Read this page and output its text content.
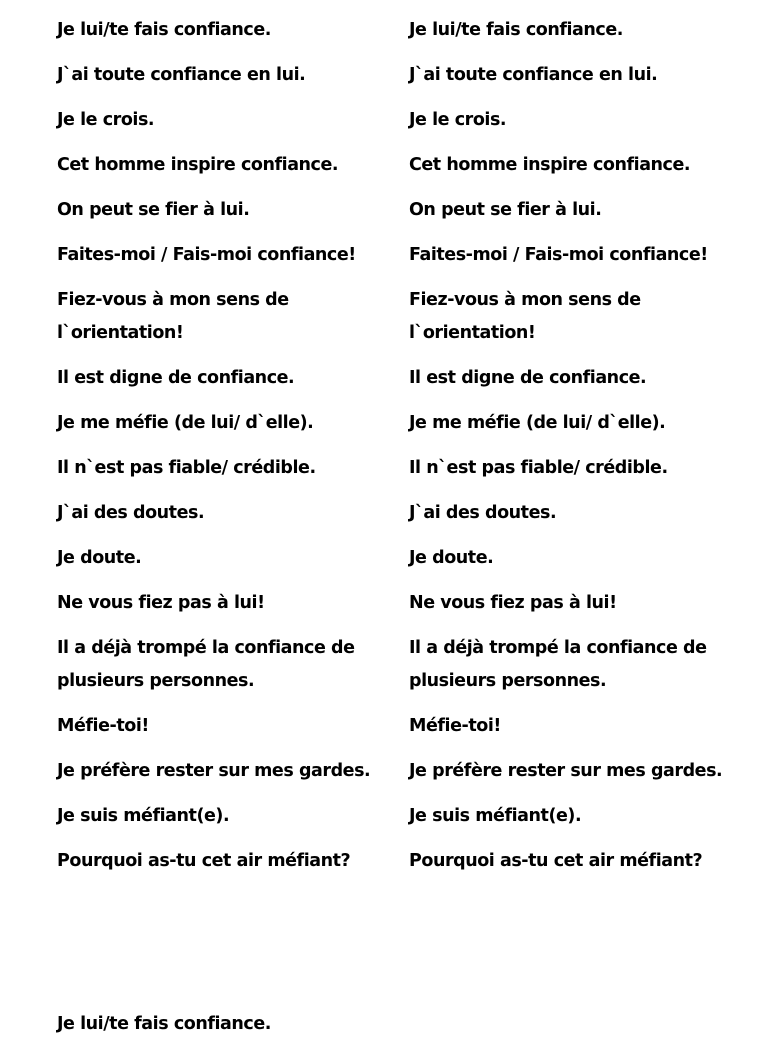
Je lui/te fais confiance.

J`ai toute confiance en lui.

Je le crois.

Cet homme inspire confiance.

On peut se fier à lui.

Faites-moi / Fais-moi confiance!

Fiez-vous à mon sens de l`orientation!

Il est digne de confiance.

Je me méfie (de lui/ d`elle).

Il n`est pas fiable/ crédible.

J`ai des doutes.

Je doute.

Ne vous fiez pas à lui!

Il a déjà trompé la confiance de plusieurs personnes.

Méfie-toi!

Je préfère rester sur mes gardes.

Je suis méfiant(e).

Pourquoi as-tu cet air méfiant?

Je lui/te fais confiance.

J`ai toute confiance en lui.

Je le crois.

Cet homme inspire confiance.

On peut se fier à lui.

Faites-moi / Fais-moi confiance!

Fiez-vous à mon sens de l`orientation!

Il est digne de confiance.

Je me méfie (de lui/ d`elle).

Il n`est pas fiable/ crédible.

J`ai des doutes.

Je doute.

Ne vous fiez pas à lui!

Il a déjà trompé la confiance de plusieurs personnes.

Méfie-toi!

Je préfère rester sur mes gardes.

Je suis méfiant(e).

Pourquoi as-tu cet air méfiant?

Je lui/te fais confiance.
